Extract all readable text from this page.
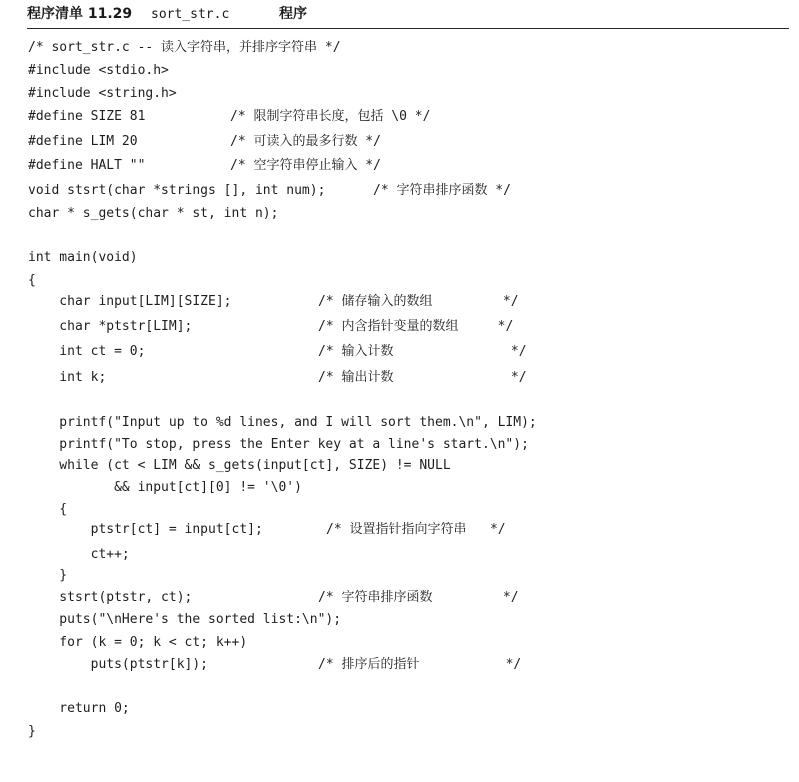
程序清单 11.29 sort_str.c	程序

/* sort_str.c -- 读入字符串，并排序字符串 */

#include <stdio.h>

#include <string.h>

#define SIZE 81

	/* 限制字符串长度，包括 \0 */

#define LIM 20

	/* 可读入的最多行数 */

#define HALT ""

	/* 空字符串停止输入 */

void stsrt(char *strings [], int num);

	/* 字符串排序函数 */

char * s_gets(char * st, int n);

int main(void)

{

char input[LIM][SIZE];

	/* 储存输入的数组         */

char *ptstr[LIM];

	/* 内含指针变量的数组     */

int ct = 0;

	/* 输入计数               */

int k;

	/* 输出计数               */

printf("Input up to %d lines, and I will sort them.\n", LIM);

printf("To stop, press the Enter key at a line's start.\n");

while (ct < LIM && s_gets(input[ct], SIZE) != NULL

&& input[ct][0] != '\0')

{

ptstr[ct] = input[ct];

	/* 设置指针指向字符串   */

ct++;

}

stsrt(ptstr, ct);

	/* 字符串排序函数         */

puts("\nHere's the sorted list:\n");

for (k = 0; k < ct; k++)

puts(ptstr[k]);

	/* 排序后的指针           */

return 0;

}
